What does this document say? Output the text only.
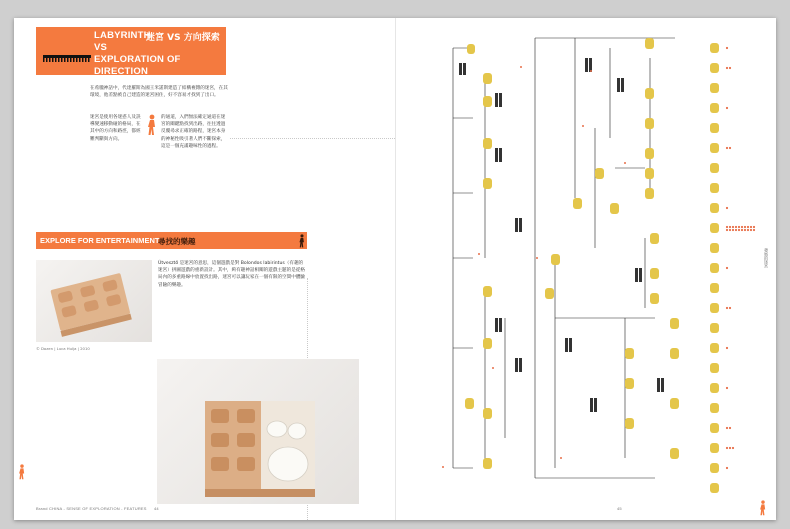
LABYRINTH
VS
EXPLORATION OF DIRECTION
迷宮 VS 方向探索
在希臘神話中，代達羅斯為國王米諾斯建造了結構複雜的迷宮，在其環境，他差點被自己建造的迷宮困住，好不容易才找到了出口。
迷宮是使用各迷惑人及誤導變速移動碰的格局，在其中的方向和路徑，都經難判斷與方向。
的通道，入們無法確定通道在迷宮的關鍵點找到出路，往往透過反覆尋求正確的路程，迷宮本身的神秘性吸引著人們不斷探索，這是一個充滿趣味性的過程。
EXPLORE FOR ENTERTAINMENT
尋找的樂趣
© Dozen | Luca Hulja | 2010
Útvesztő 是迷宮的意思，這個遊戲是對 Bolondos labirintus（有趣的迷宮）拼圖遊戲的重新設計。其中，夠有趣神話相關的遊戲主題的是從格局內的多重路線中放置找出路，迷宮可以讓玩家在一個有限的空間中體驗冒險的樂趣。
Brand CHINA - SENSE OF EXPLORATION - FEATURES 44
發展的迷宮
45
